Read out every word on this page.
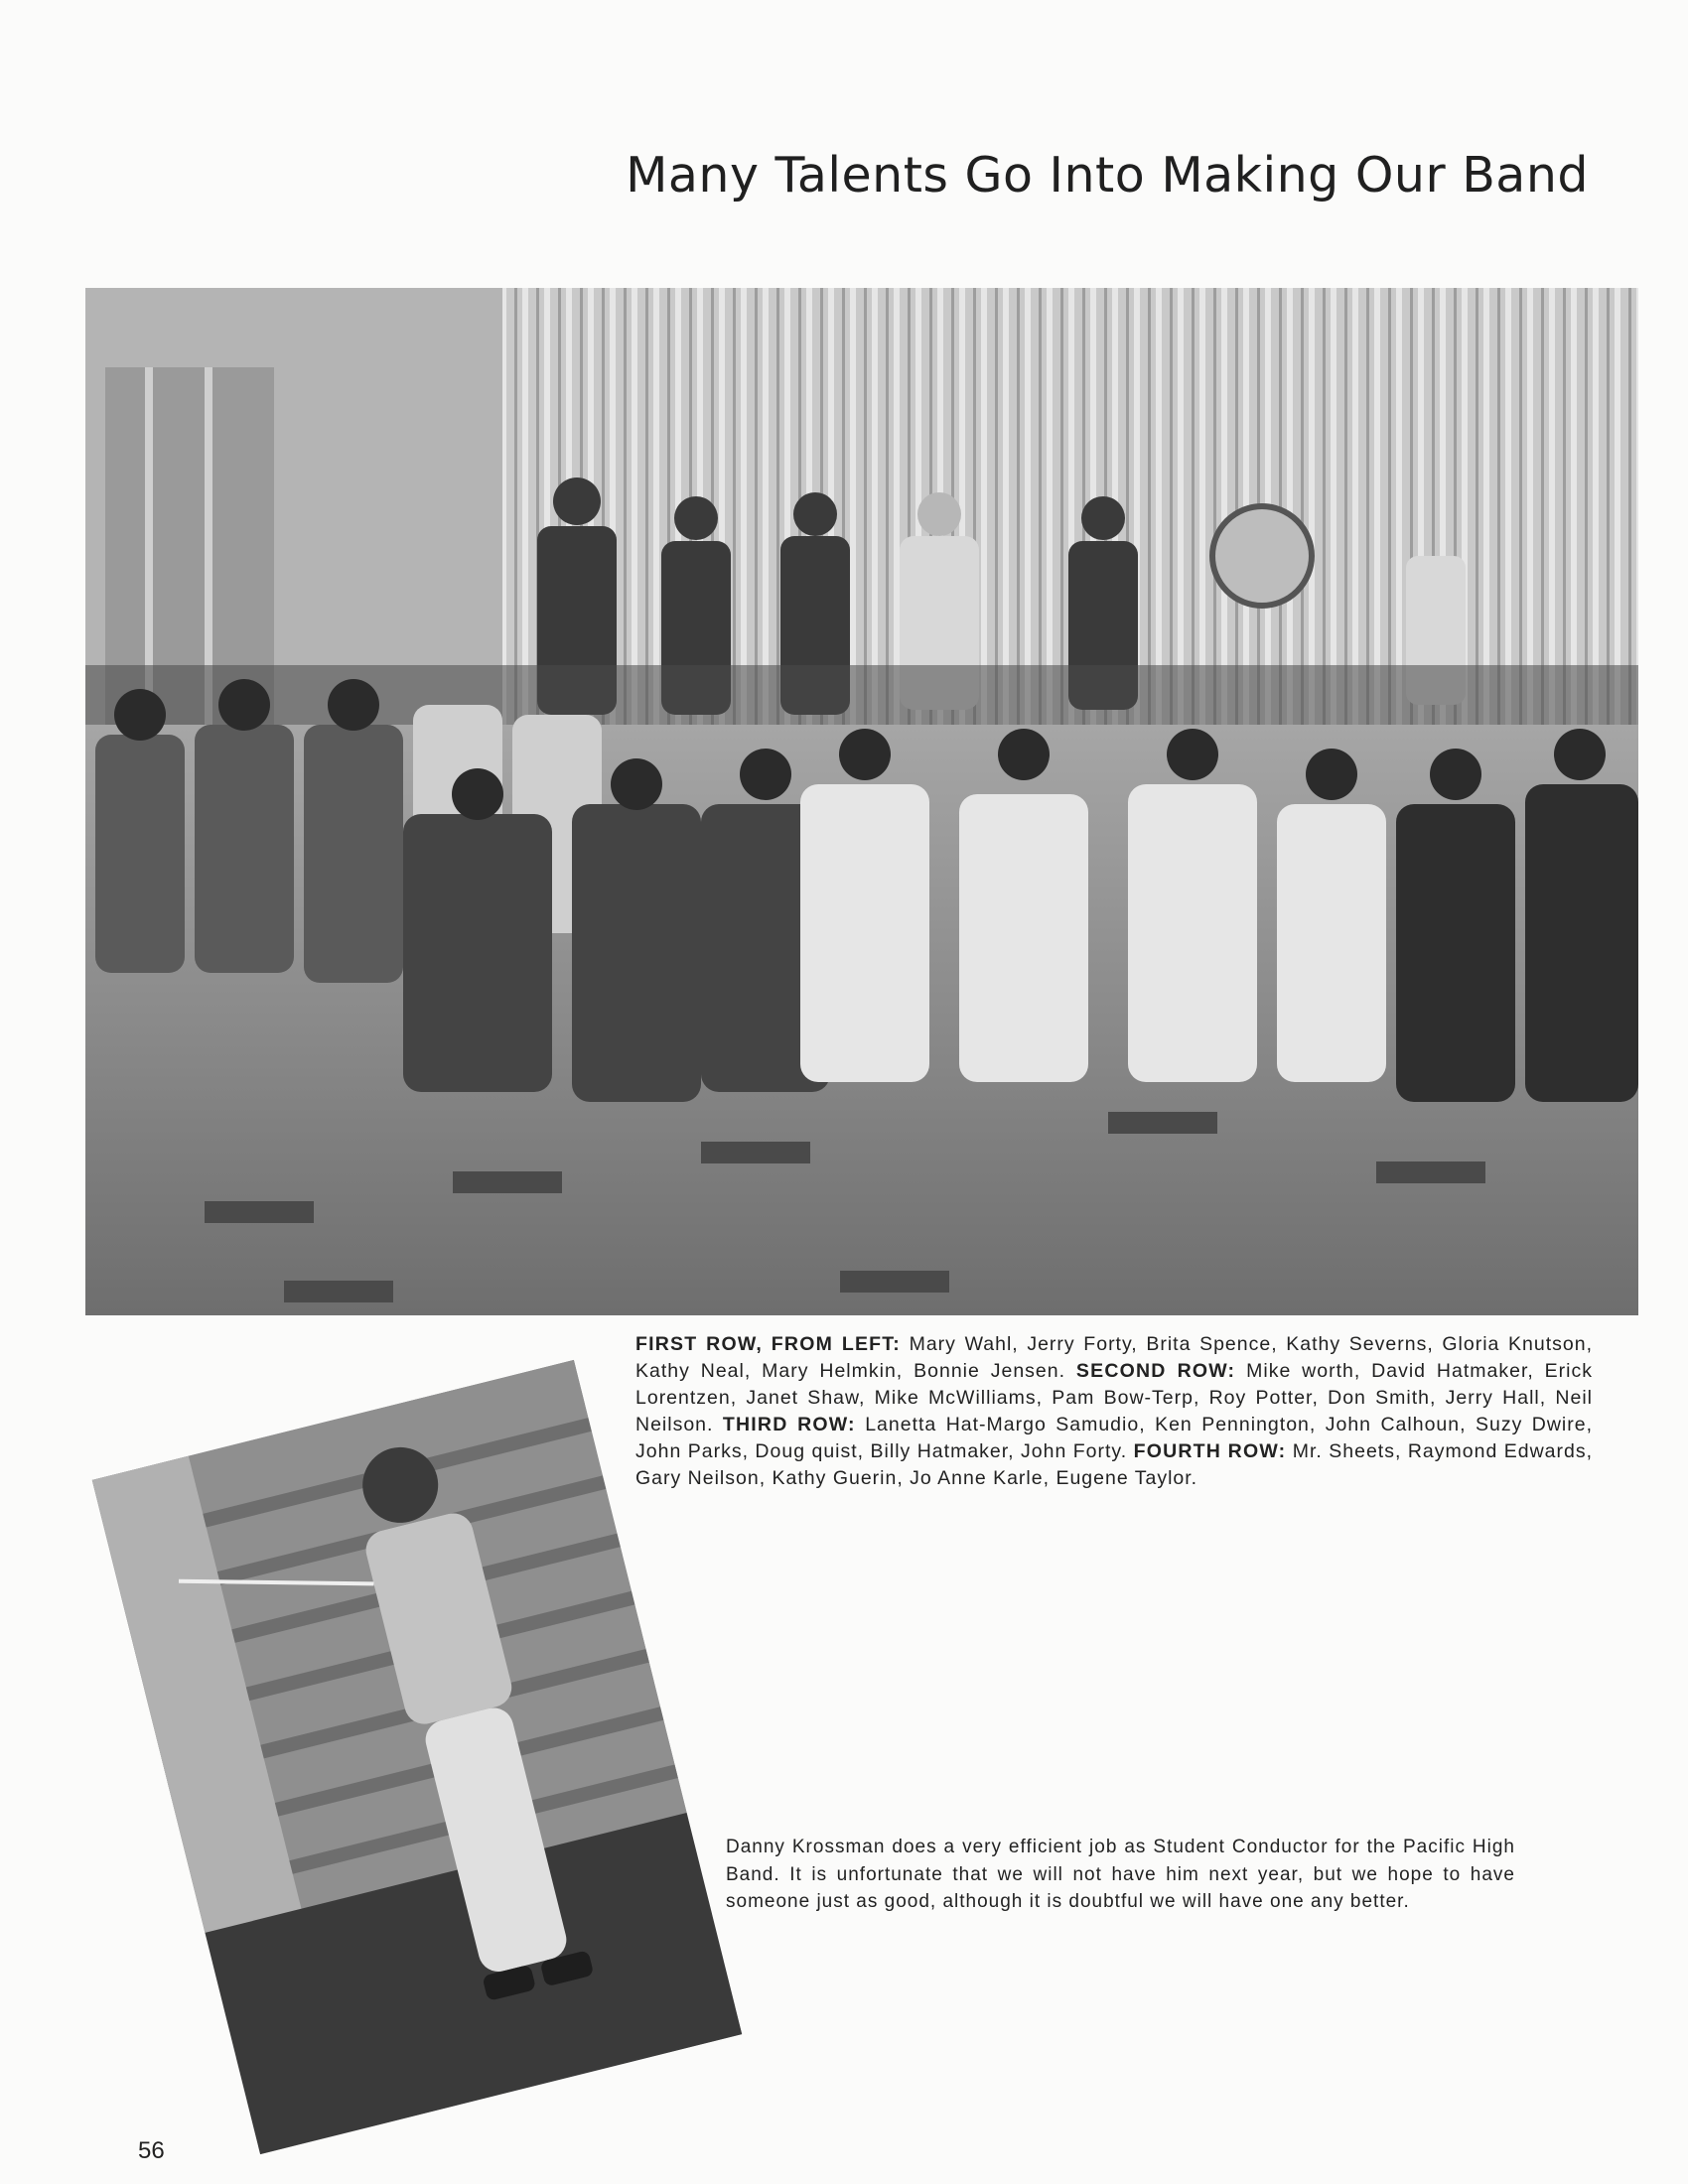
Many Talents Go Into Making Our Band
FIRST ROW, FROM LEFT: Mary Wahl, Jerry Forty, Brita Spence, Kathy Severns, Gloria Knutson, Kathy Neal, Mary Helmkin, Bonnie Jensen. SECOND ROW: Mike worth, David Hatmaker, Erick Lorentzen, Janet Shaw, Mike McWilliams, Pam Bow-Terp, Roy Potter, Don Smith, Jerry Hall, Neil Neilson. THIRD ROW: Lanetta Hat-Margo Samudio, Ken Pennington, John Calhoun, Suzy Dwire, John Parks, Doug quist, Billy Hatmaker, John Forty. FOURTH ROW: Mr. Sheets, Raymond Edwards, Gary Neilson, Kathy Guerin, Jo Anne Karle, Eugene Taylor.
Danny Krossman does a very efficient job as Student Conductor for the Pacific High Band. It is unfortunate that we will not have him next year, but we hope to have someone just as good, although it is doubtful we will have one any better.
56
